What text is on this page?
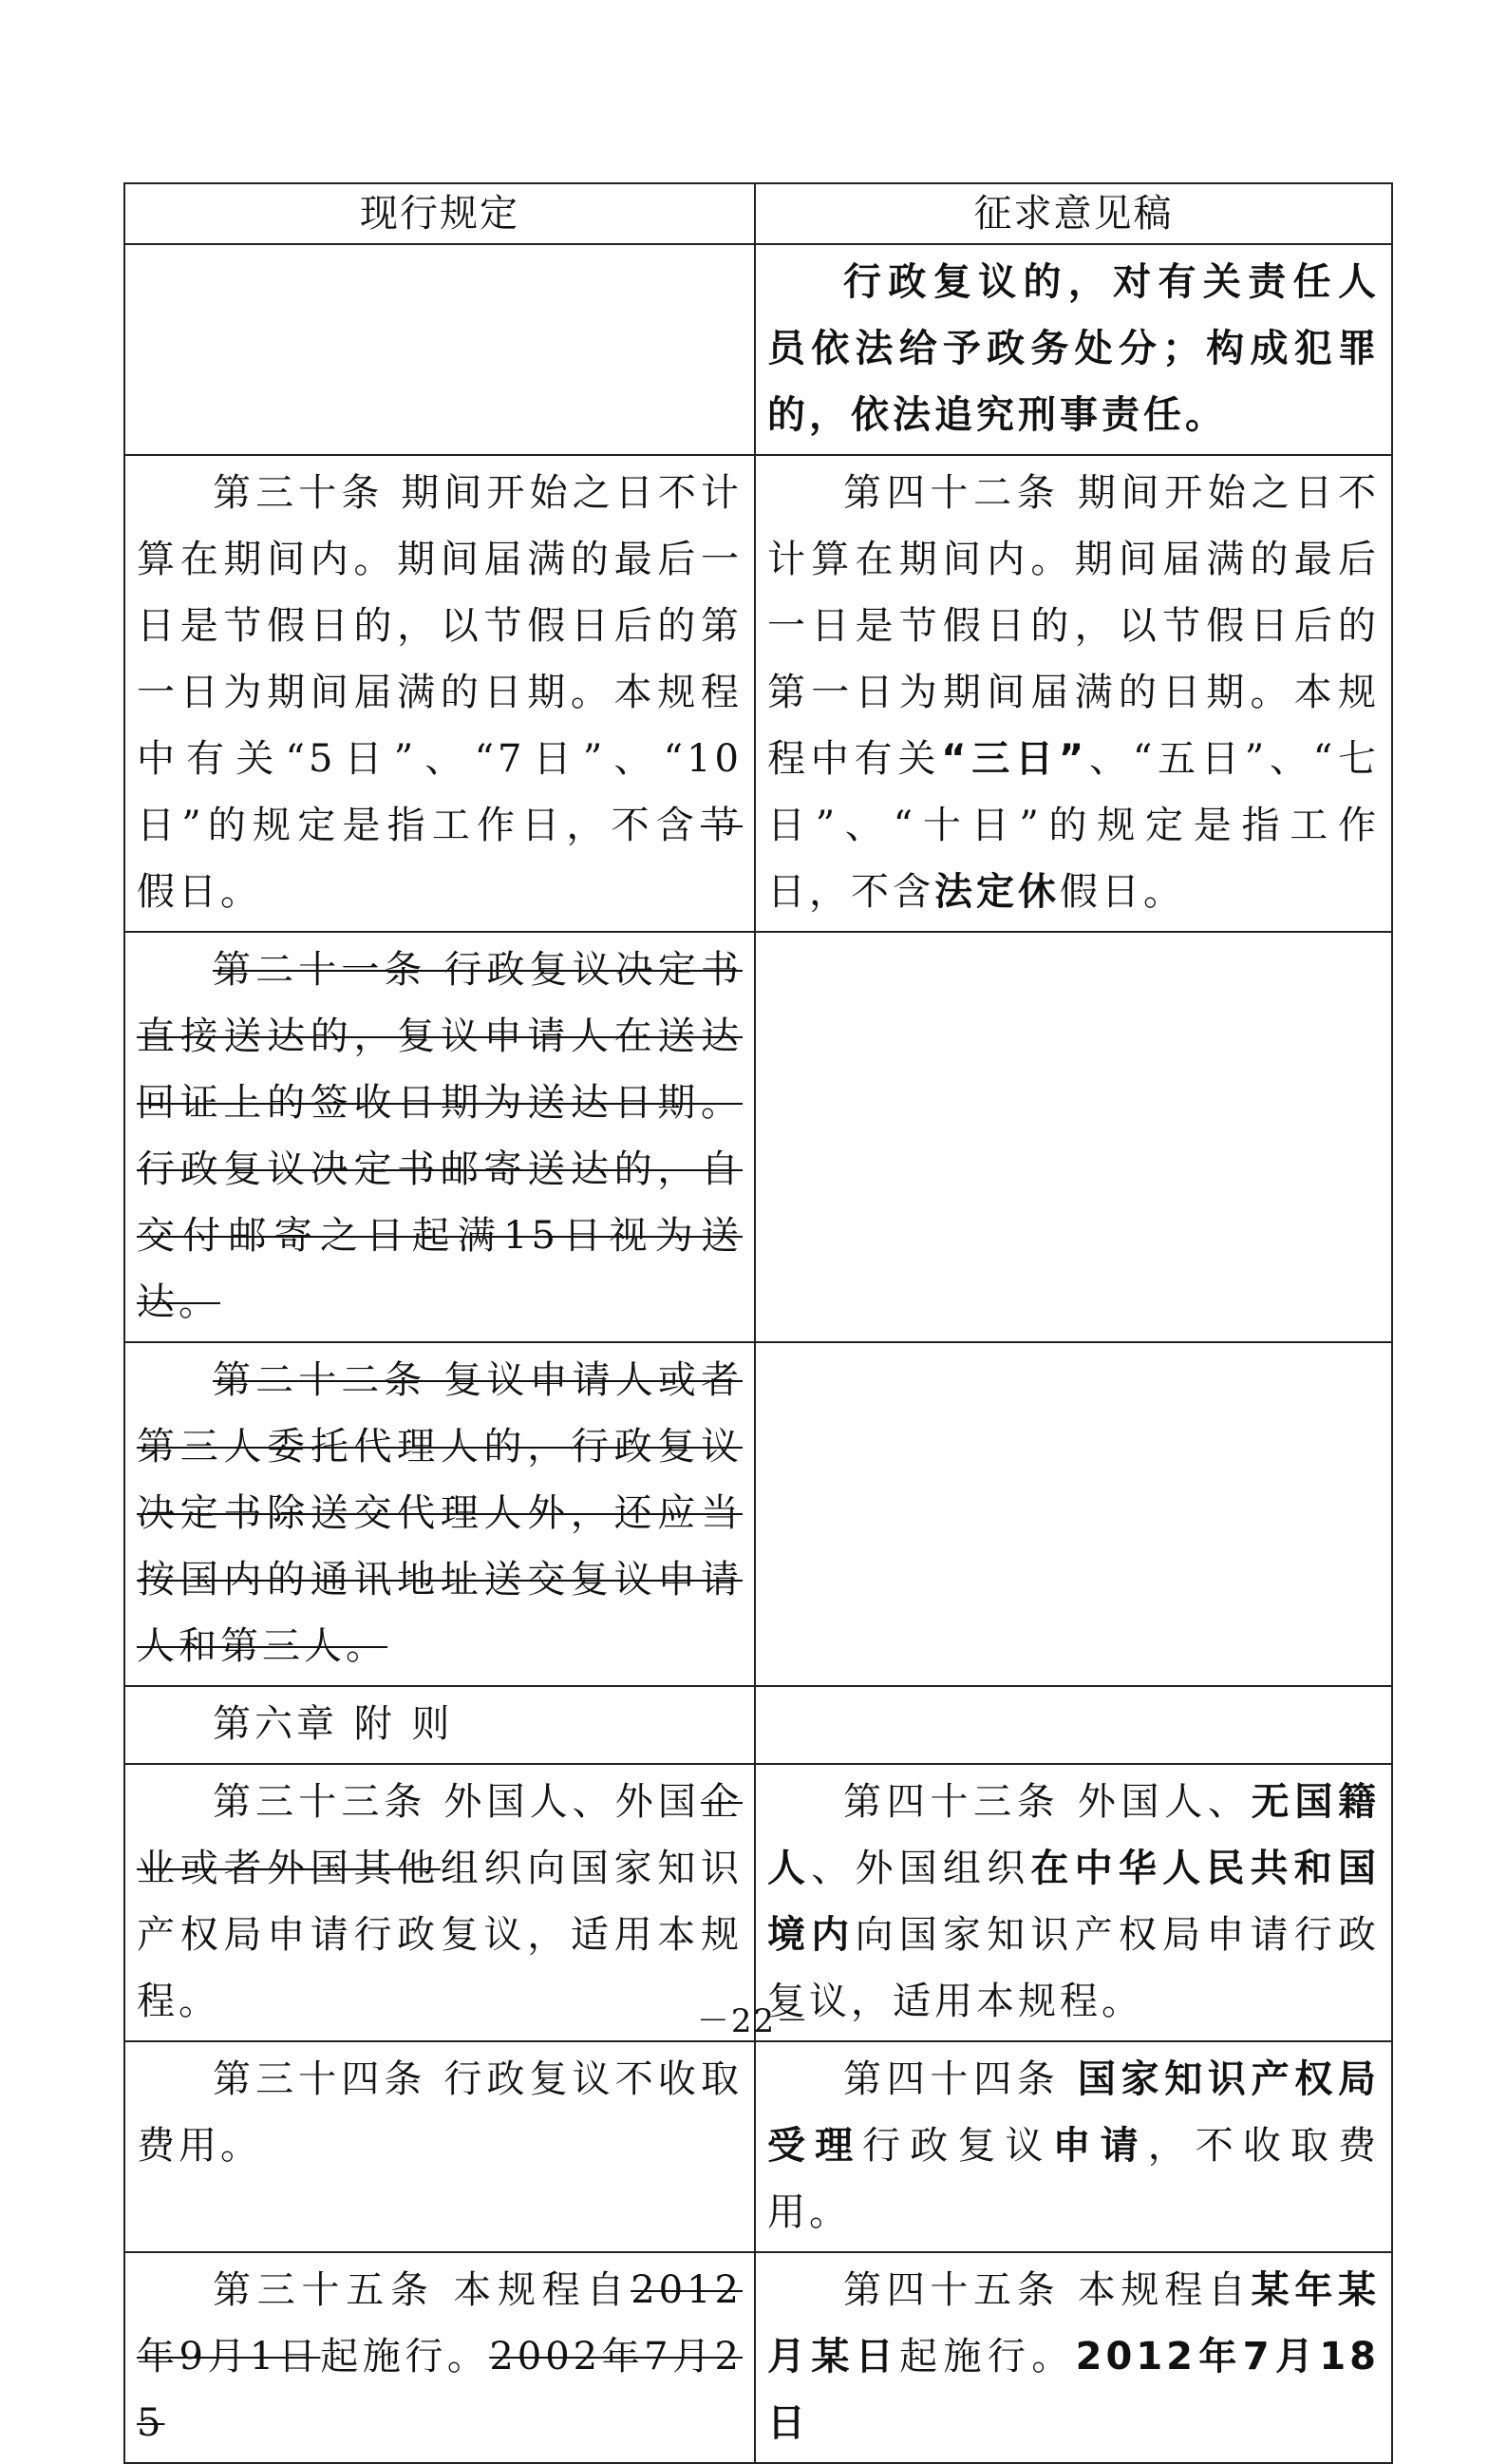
现行规定	征求意见稿

	行政复议的，对有关责任人员依法给予政务处分；构成犯罪的，依法追究刑事责任。

第三十条 期间开始之日不计算在期间内。期间届满的最后一日是节假日的，以节假日后的第一日为期间届满的日期。本规程中有关“5日”、“7日”、“10日”的规定是指工作日，不含节假日。	第四十二条 期间开始之日不计算在期间内。期间届满的最后一日是节假日的，以节假日后的第一日为期间届满的日期。本规程中有关“三日”、“五日”、“七日”、“十日”的规定是指工作日，不含法定休假日。

第二十一条 行政复议决定书直接送达的，复议申请人在送达回证上的签收日期为送达日期。行政复议决定书邮寄送达的，自交付邮寄之日起满15日视为送达。	

第二十二条 复议申请人或者第三人委托代理人的，行政复议决定书除送交代理人外，还应当按国内的通讯地址送交复议申请人和第三人。	

第六章 附 则	

第三十三条 外国人、外国企业或者外国其他组织向国家知识产权局申请行政复议，适用本规程。	第四十三条 外国人、无国籍人、外国组织在中华人民共和国境内向国家知识产权局申请行政复议，适用本规程。

第三十四条 行政复议不收取费用。	第四十四条 国家知识产权局受理行政复议申请，不收取费用。

第三十五条 本规程自2012年9月1日起施行。2002年7月25	第四十五条 本规程自某年某月某日起施行。2012年7月18日
－22－
